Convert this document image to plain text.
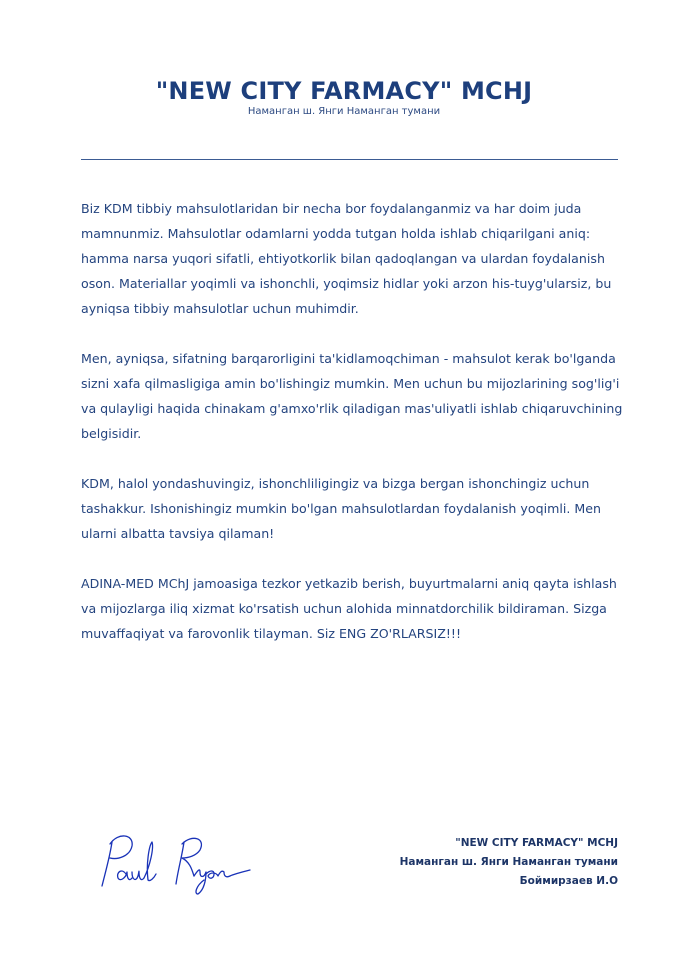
"NEW CITY FARMACY" MCHJ
Наманган ш. Янги Наманган тумани

Biz KDM tibbiy mahsulotlaridan bir necha bor foydalanganmiz va har doim juda mamnunmiz. Mahsulotlar odamlarni yodda tutgan holda ishlab chiqarilgani aniq: hamma narsa yuqori sifatli, ehtiyotkorlik bilan qadoqlangan va ulardan foydalanish oson. Materiallar yoqimli va ishonchli, yoqimsiz hidlar yoki arzon his-tuyg'ularsiz, bu ayniqsa tibbiy mahsulotlar uchun muhimdir.

Men, ayniqsa, sifatning barqarorligini ta'kidlamoqchiman - mahsulot kerak bo'lganda sizni xafa qilmasligiga amin bo'lishingiz mumkin. Men uchun bu mijozlarining sog'lig'i va qulayligi haqida chinakam g'amxo'rlik qiladigan mas'uliyatli ishlab chiqaruvchining belgisidir.

KDM, halol yondashuvingiz, ishonchliligingiz va bizga bergan ishonchingiz uchun tashakkur. Ishonishingiz mumkin bo'lgan mahsulotlardan foydalanish yoqimli. Men ularni albatta tavsiya qilaman!

ADINA-MED MChJ jamoasiga tezkor yetkazib berish, buyurtmalarni aniq qayta ishlash va mijozlarga iliq xizmat ko'rsatish uchun alohida minnatdorchilik bildiraman. Sizga muvaffaqiyat va farovonlik tilayman. Siz ENG ZO'RLARSIZ!!!

"NEW CITY FARMACY" MCHJ
Наманган ш. Янги Наманган тумани
Боймирзаев И.О
